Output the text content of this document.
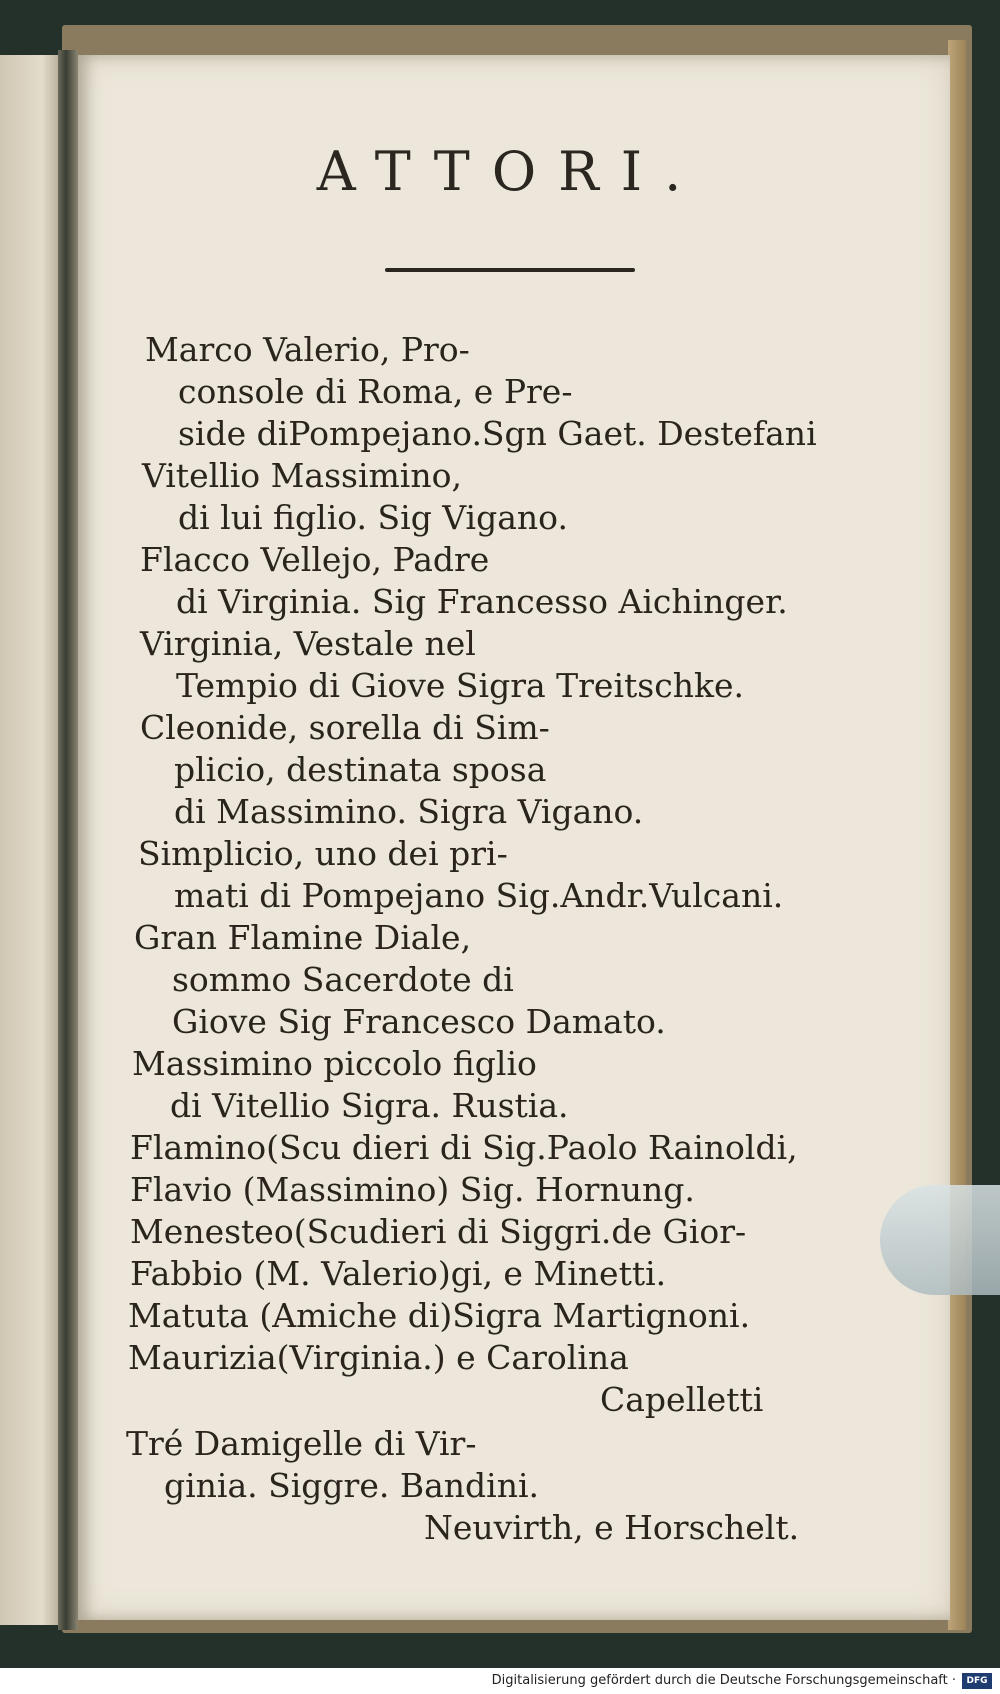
ATTORI.
Marco Valerio, Pro-
console di Roma, e Pre-
side diPompejano.Sgn Gaet. Destefani
Vitellio Massimino,
di lui figlio. Sig Vigano.
Flacco Vellejo, Padre
di Virginia. Sig Francesso Aichinger.
Virginia, Vestale nel
Tempio di Giove Sigra Treitschke.
Cleonide, sorella di Sim-
plicio, destinata sposa
di Massimino. Sigra Vigano.
Simplicio, uno dei pri-
mati di Pompejano Sig.Andr.Vulcani.
Gran Flamine Diale,
sommo Sacerdote di
Giove Sig Francesco Damato.
Massimino piccolo figlio
di Vitellio Sigra. Rustia.
Flamino(Scu dieri di Sig.Paolo Rainoldi,
Flavio (Massimino) Sig. Hornung.
Menesteo(Scudieri di Siggri.de Gior-
Fabbio (M. Valerio)gi, e Minetti.
Matuta (Amiche di)Sigra Martignoni.
Maurizia(Virginia.) e Carolina
Capelletti
Tré Damigelle di Vir-
ginia. Siggre. Bandini.
Neuvirth, e Horschelt.
Digitalisierung gefördert durch die Deutsche Forschungsgemeinschaft ·	DFG
